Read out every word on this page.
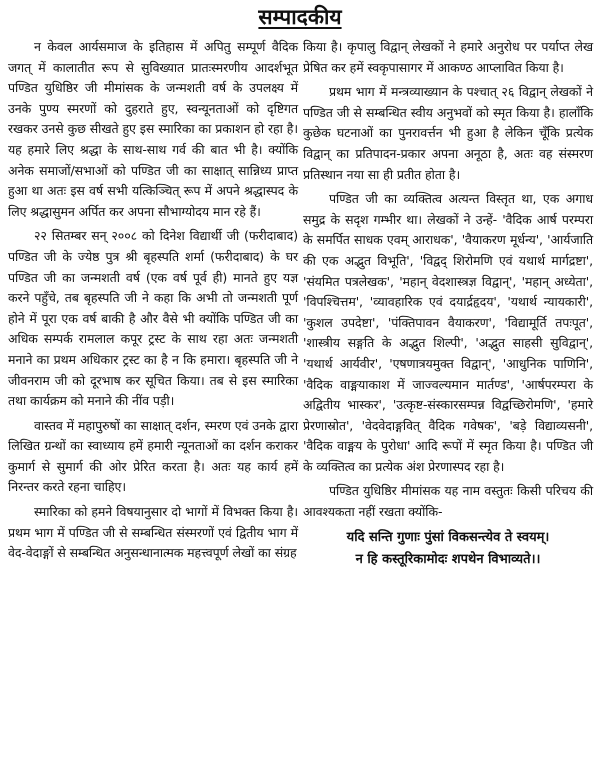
सम्पादकीय

न केवल आर्यसमाज के इतिहास में अपितु सम्पूर्ण वैदिक जगत् में कालातीत रूप से सुविख्यात प्रातःस्मरणीय आदर्शभूत पण्डित युधिष्ठिर जी मीमांसक के जन्मशती वर्ष के उपलक्ष्य में उनके पुण्य स्मरणों को दुहराते हुए, स्वन्यूनताओं को दृष्टिगत रखकर उनसे कुछ सीखते हुए इस स्मारिका का प्रकाशन हो रहा है। यह हमारे लिए श्रद्धा के साथ-साथ गर्व की बात भी है। क्योंकि अनेक समाजों/सभाओं को पण्डित जी का साक्षात् सान्निध्य प्राप्त हुआ था अतः इस वर्ष सभी यत्किञ्चित् रूप में अपने श्रद्धास्पद के लिए श्रद्धासुमन अर्पित कर अपना सौभाग्योदय मान रहे हैं।

२२ सितम्बर सन् २००८ को दिनेश विद्यार्थी जी (फरीदाबाद) पण्डित जी के ज्येष्ठ पुत्र श्री बृहस्पति शर्मा (फरीदाबाद) के घर पण्डित जी का जन्मशती वर्ष (एक वर्ष पूर्व ही) मानते हुए यज्ञ करने पहुँचे, तब बृहस्पति जी ने कहा कि अभी तो जन्मशती पूर्ण होने में पूरा एक वर्ष बाकी है और वैसे भी क्योंकि पण्डित जी का अधिक सम्पर्क रामलाल कपूर ट्रस्ट के साथ रहा अतः जन्मशती मनाने का प्रथम अधिकार ट्रस्ट का है न कि हमारा। बृहस्पति जी ने जीवनराम जी को दूरभाष कर सूचित किया। तब से इस स्मारिका तथा कार्यक्रम को मनाने की नींव पड़ी।

वास्तव में महापुरुषों का साक्षात् दर्शन, स्मरण एवं उनके द्वारा लिखित ग्रन्थों का स्वाध्याय हमें हमारी न्यूनताओं का दर्शन कराकर कुमार्ग से सुमार्ग की ओर प्रेरित करता है। अतः यह कार्य हमें निरन्तर करते रहना चाहिए।

स्मारिका को हमने विषयानुसार दो भागों में विभक्त किया है। प्रथम भाग में पण्डित जी से सम्बन्धित संस्मरणों एवं द्वितीय भाग में वेद-वेदाङ्गों से सम्बन्धित अनुसन्धानात्मक महत्त्वपूर्ण लेखों का संग्रह

किया है। कृपालु विद्वान् लेखकों ने हमारे अनुरोध पर पर्याप्त लेख प्रेषित कर हमें स्वकृपासागर में आकण्ठ आप्लावित किया है।

प्रथम भाग में मन्त्रव्याख्यान के पश्चात् २६ विद्वान् लेखकों ने पण्डित जी से सम्बन्धित स्वीय अनुभवों को स्मृत किया है। हालाँकि कुछेक घटनाओं का पुनरावर्त्तन भी हुआ है लेकिन चूँकि प्रत्येक विद्वान् का प्रतिपादन-प्रकार अपना अनूठा है, अतः वह संस्मरण प्रतिस्थान नया सा ही प्रतीत होता है।

पण्डित जी का व्यक्तित्व अत्यन्त विस्तृत था, एक अगाध समुद्र के सदृश गम्भीर था। लेखकों ने उन्हें- 'वैदिक आर्ष परम्परा के समर्पित साधक एवम् आराधक', 'वैयाकरण मूर्धन्य', 'आर्यजाति की एक अद्भुत विभूति', 'विद्वद् शिरोमणि एवं यथार्थ मार्गद्रष्टा', 'संयमित पत्रलेखक', 'महान् वेदशास्त्रज्ञ विद्वान्', 'महान् अध्येता', 'विपश्चित्तम', 'व्यावहारिक एवं दयार्द्रहृदय', 'यथार्थ न्यायकारी', 'कुशल उपदेष्टा', 'पंक्तिपावन वैयाकरण', 'विद्यामूर्ति तपःपूत', 'शास्त्रीय सङ्गति के अद्भुत शिल्पी', 'अद्भुत साहसी सुविद्वान्', 'यथार्थ आर्यवीर', 'एषणात्रयमुक्त विद्वान्', 'आधुनिक पाणिनि', 'वैदिक वाङ्मयाकाश में जाज्वल्यमान मार्तण्ड', 'आर्षपरम्परा के अद्वितीय भास्कर', 'उत्कृष्ट-संस्कारसम्पन्न विद्वच्छिरोमणि', 'हमारे प्रेरणास्रोत', 'वेदवेदाङ्गवित् वैदिक गवेषक', 'बड़े विद्याव्यसनी', 'वैदिक वाङ्मय के पुरोधा' आदि रूपों में स्मृत किया है। पण्डित जी के व्यक्तित्व का प्रत्येक अंश प्रेरणास्पद रहा है।

पण्डित युधिष्ठिर मीमांसक यह नाम वस्तुतः किसी परिचय की आवश्यकता नहीं रखता क्योंकि-

यदि सन्ति गुणाः पुंसां विकसन्त्येव ते स्वयम्।
न हि कस्तूरिकामोदः शपथेन विभाव्यते।।
